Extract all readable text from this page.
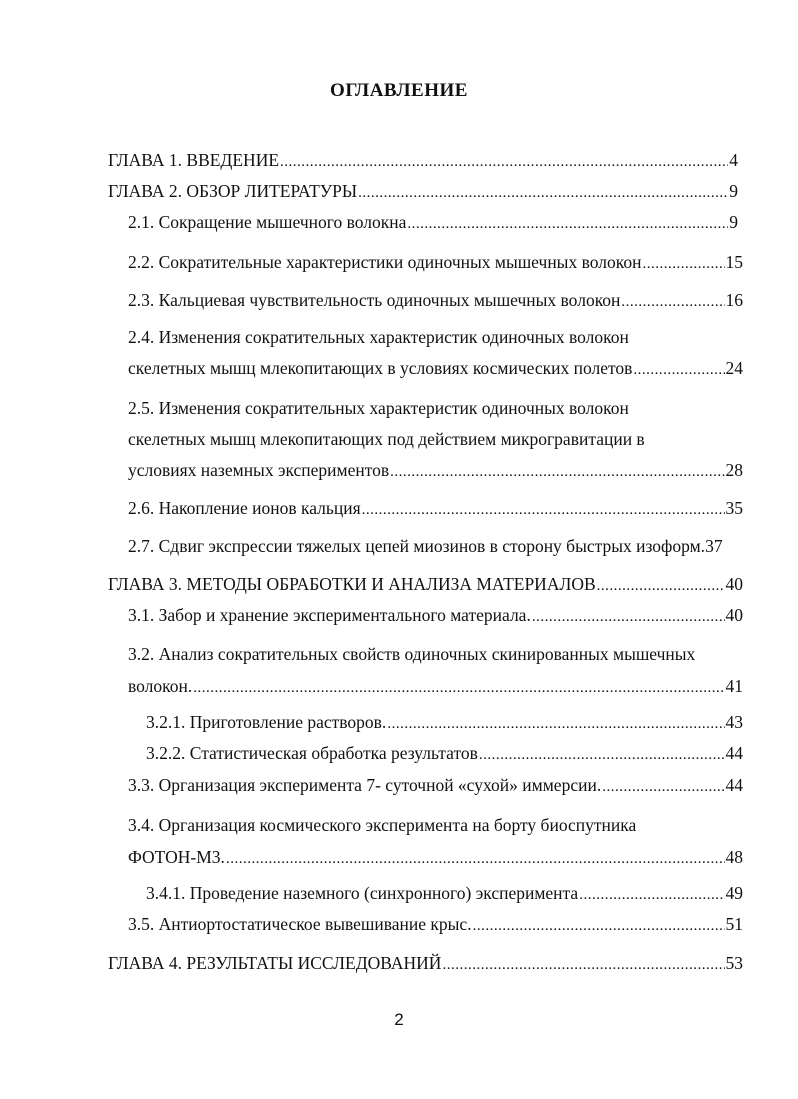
ОГЛАВЛЕНИЕ
ГЛАВА 1. ВВЕДЕНИЕ .....	4
ГЛАВА 2. ОБЗОР ЛИТЕРАТУРЫ .....	9
2.1. Сокращение мышечного волокна .....	9
2.2. Сократительные характеристики одиночных мышечных волокон .....	15
2.3. Кальциевая чувствительность одиночных мышечных волокон .....	16
2.4. Изменения сократительных характеристик одиночных волокон
скелетных мышц млекопитающих в условиях космических полетов .....	24
2.5. Изменения сократительных характеристик одиночных волокон
скелетных мышц млекопитающих под действием микрогравитации в
условиях наземных экспериментов .....	28
2.6. Накопление ионов кальция .....	35
2.7. Сдвиг экспрессии тяжелых цепей миозинов в сторону быстрых изоформ. 37
ГЛАВА 3. МЕТОДЫ ОБРАБОТКИ И АНАЛИЗА МАТЕРИАЛОВ .....	40
3.1. Забор и хранение экспериментального материала. .....	40
3.2. Анализ сократительных свойств одиночных скинированных мышечных
волокон. .....	41
3.2.1. Приготовление растворов. .....	43
3.2.2. Статистическая обработка результатов .....	44
3.3. Организация эксперимента 7- суточной «сухой» иммерсии. .....	44
3.4. Организация космического эксперимента на борту биоспутника
ФОТОН-М3. .....	48
3.4.1. Проведение наземного (синхронного) эксперимента .....	49
3.5. Антиортостатическое вывешивание крыс. .....	51
ГЛАВА 4. РЕЗУЛЬТАТЫ ИССЛЕДОВАНИЙ .....	53
2
